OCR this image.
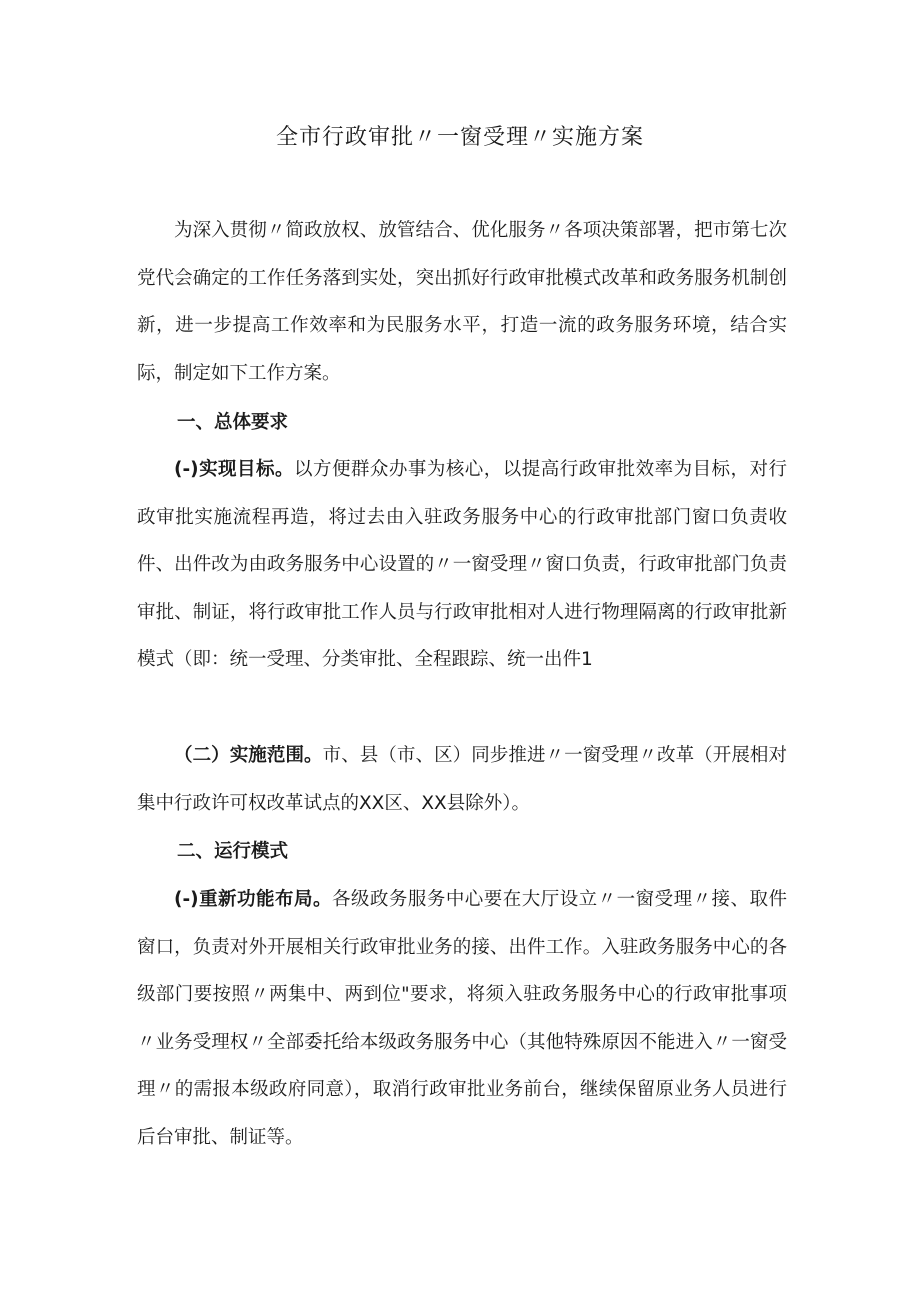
全市行政审批〃一窗受理〃实施方案

为深入贯彻〃简政放权、放管结合、优化服务〃各项决策部署，把市第七次党代会确定的工作任务落到实处，突出抓好行政审批模式改革和政务服务机制创新，进一步提高工作效率和为民服务水平，打造一流的政务服务环境，结合实际，制定如下工作方案。

一、总体要求

(-)实现目标。以方便群众办事为核心，以提高行政审批效率为目标，对行政审批实施流程再造，将过去由入驻政务服务中心的行政审批部门窗口负责收件、出件改为由政务服务中心设置的〃一窗受理〃窗口负责，行政审批部门负责审批、制证，将行政审批工作人员与行政审批相对人进行物理隔离的行政审批新模式（即：统一受理、分类审批、全程跟踪、统一出件1

（二）实施范围。市、县（市、区）同步推进〃一窗受理〃改革（开展相对集中行政许可权改革试点的XX区、XX县除外）。

二、运行模式

(-)重新功能布局。各级政务服务中心要在大厅设立〃一窗受理〃接、取件窗口，负责对外开展相关行政审批业务的接、出件工作。入驻政务服务中心的各级部门要按照〃两集中、两到位"要求，将须入驻政务服务中心的行政审批事项〃业务受理权〃全部委托给本级政务服务中心（其他特殊原因不能进入〃一窗受理〃的需报本级政府同意），取消行政审批业务前台，继续保留原业务人员进行后台审批、制证等。
